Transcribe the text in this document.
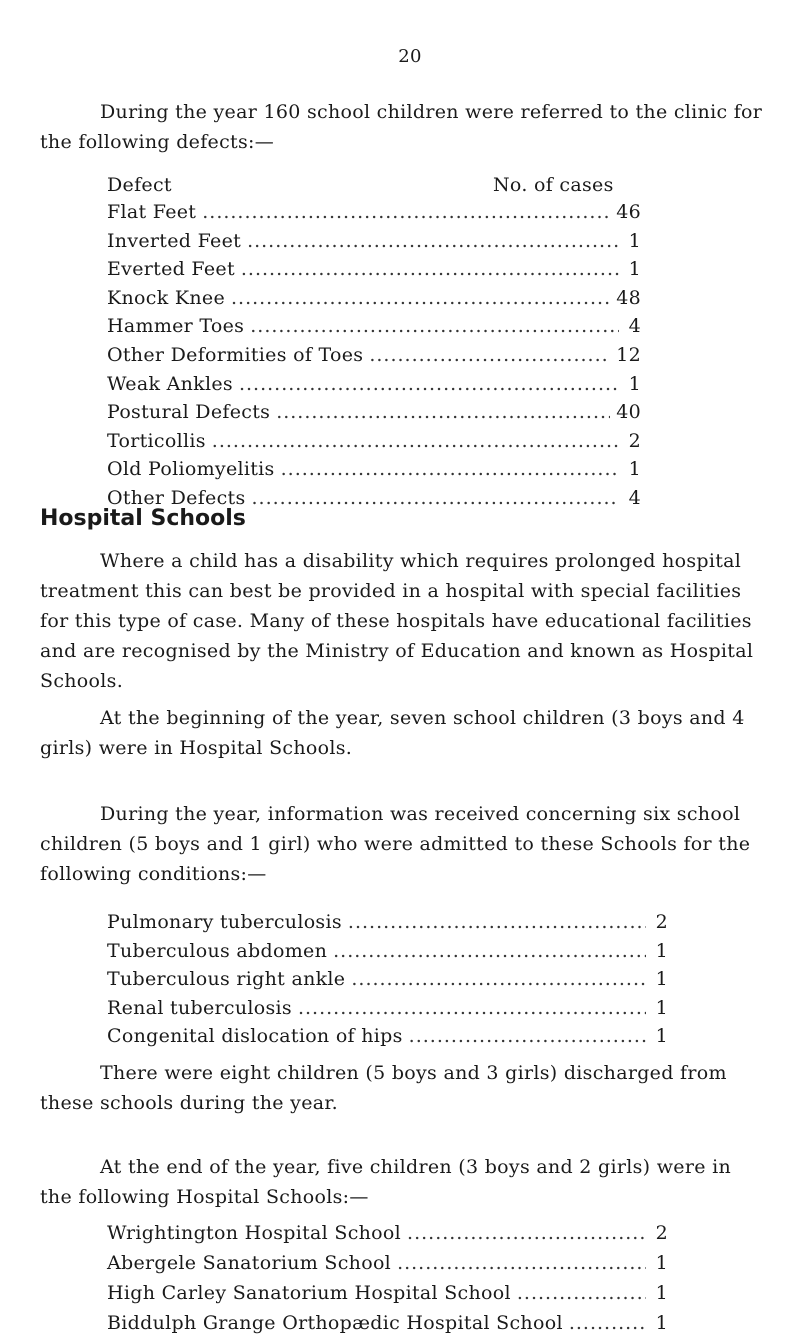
20

During the year 160 school children were referred to the clinic for the following defects:—

Defect	No. of cases
Flat Feet .....	46
Inverted Feet .....	1
Everted Feet .....	1
Knock Knee .....	48
Hammer Toes .....	4
Other Deformities of Toes .....	12
Weak Ankles .....	1
Postural Defects .....	40
Torticollis .....	2
Old Poliomyelitis .....	1
Other Defects .....	4
Hospital Schools

Where a child has a disability which requires prolonged hospital treatment this can best be provided in a hospital with special facilities for this type of case. Many of these hospitals have educational facilities and are recognised by the Ministry of Education and known as Hospital Schools.

At the beginning of the year, seven school children (3 boys and 4 girls) were in Hospital Schools.

During the year, information was received concerning six school children (5 boys and 1 girl) who were admitted to these Schools for the following conditions:—

Pulmonary tuberculosis .....	2
Tuberculous abdomen .....	1
Tuberculous right ankle .....	1
Renal tuberculosis .....	1
Congenital dislocation of hips .....	1

There were eight children (5 boys and 3 girls) discharged from these schools during the year.

At the end of the year, five children (3 boys and 2 girls) were in the following Hospital Schools:—

Wrightington Hospital School .....	2
Abergele Sanatorium School .....	1
High Carley Sanatorium Hospital School .....	1
Biddulph Grange Orthopædic Hospital School .....	1
